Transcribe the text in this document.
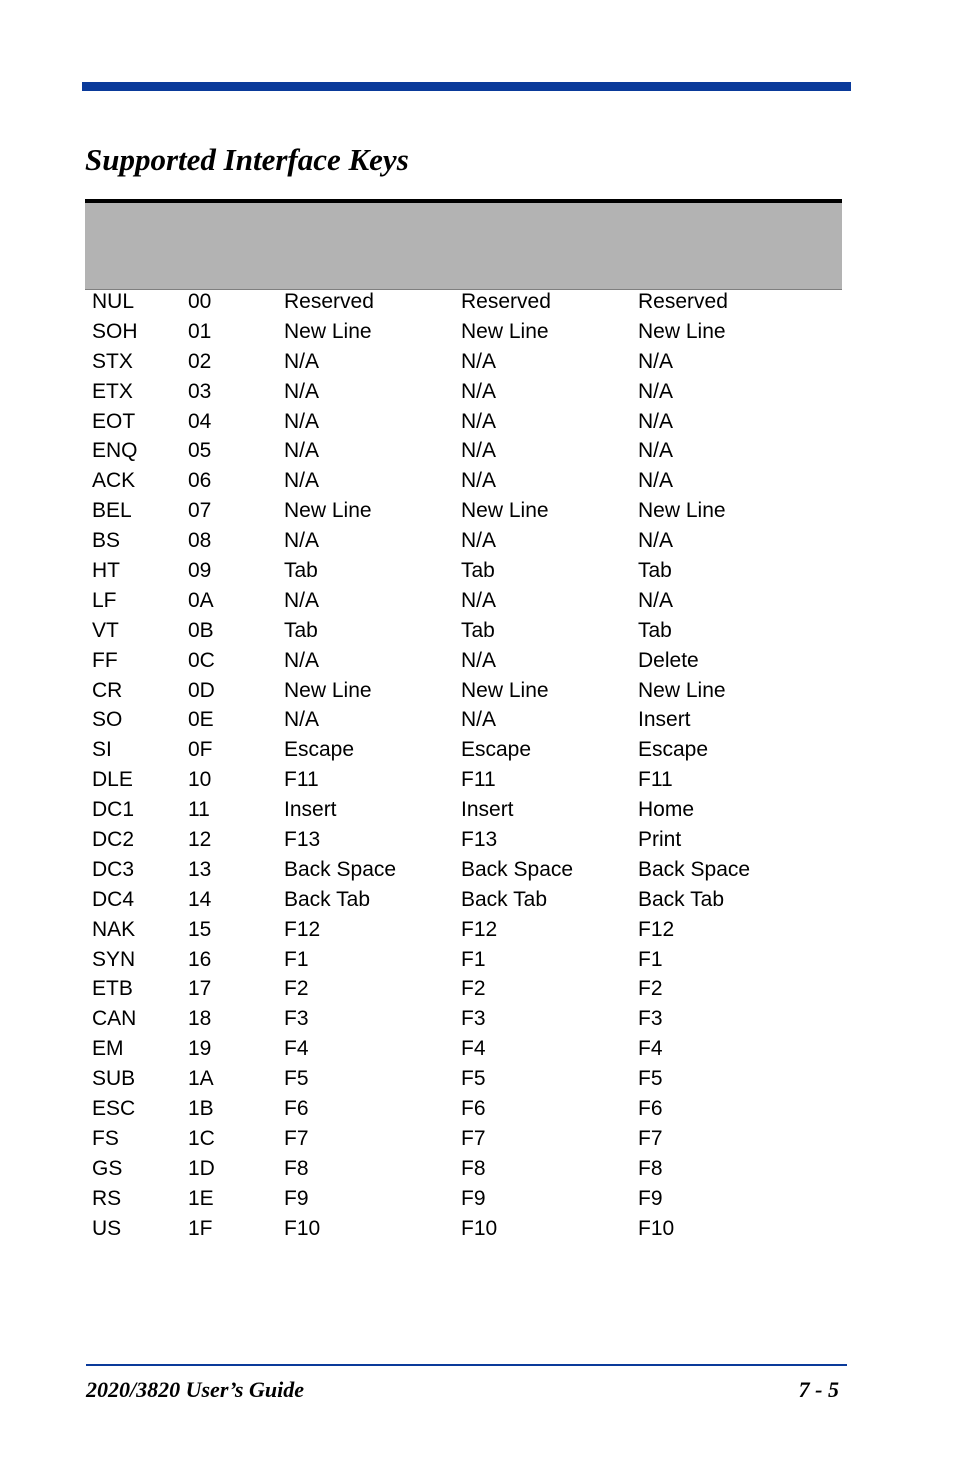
Supported Interface Keys
NUL	00	Reserved	Reserved	Reserved
SOH	01	New Line	New Line	New Line
STX	02	N/A	N/A	N/A
ETX	03	N/A	N/A	N/A
EOT	04	N/A	N/A	N/A
ENQ	05	N/A	N/A	N/A
ACK	06	N/A	N/A	N/A
BEL	07	New Line	New Line	New Line
BS	08	N/A	N/A	N/A
HT	09	Tab	Tab	Tab
LF	0A	N/A	N/A	N/A
VT	0B	Tab	Tab	Tab
FF	0C	N/A	N/A	Delete
CR	0D	New Line	New Line	New Line
SO	0E	N/A	N/A	Insert
SI	0F	Escape	Escape	Escape
DLE	10	F11	F11	F11
DC1	11	Insert	Insert	Home
DC2	12	F13	F13	Print
DC3	13	Back Space	Back Space	Back Space
DC4	14	Back Tab	Back Tab	Back Tab
NAK	15	F12	F12	F12
SYN	16	F1	F1	F1
ETB	17	F2	F2	F2
CAN	18	F3	F3	F3
EM	19	F4	F4	F4
SUB	1A	F5	F5	F5
ESC	1B	F6	F6	F6
FS	1C	F7	F7	F7
GS	1D	F8	F8	F8
RS	1E	F9	F9	F9
US	1F	F10	F10	F10
2020/3820 User’s Guide	7 - 5
